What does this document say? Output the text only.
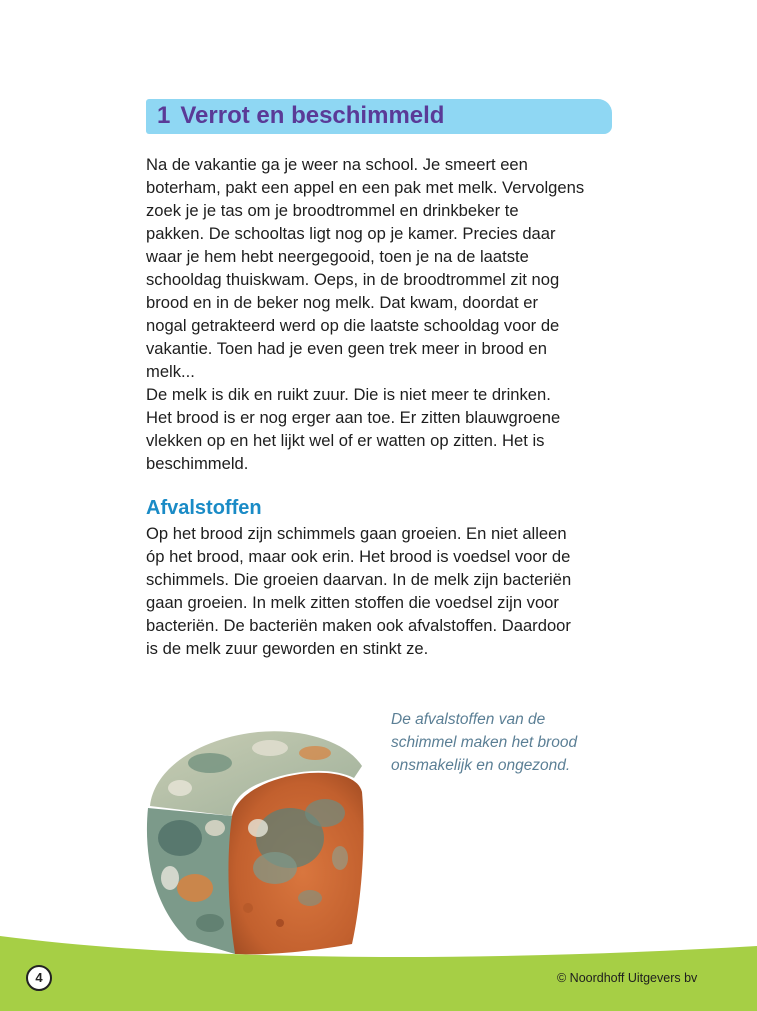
1 Verrot en beschimmeld

Na de vakantie ga je weer na school. Je smeert een
boterham, pakt een appel en een pak met melk. Vervolgens
zoek je je tas om je broodtrommel en drinkbeker te
pakken. De schooltas ligt nog op je kamer. Precies daar
waar je hem hebt neergegooid, toen je na de laatste
schooldag thuiskwam. Oeps, in de broodtrommel zit nog
brood en in de beker nog melk. Dat kwam, doordat er
nogal getrakteerd werd op die laatste schooldag voor de
vakantie. Toen had je even geen trek meer in brood en
melk...
De melk is dik en ruikt zuur. Die is niet meer te drinken.
Het brood is er nog erger aan toe. Er zitten blauwgroene
vlekken op en het lijkt wel of er watten op zitten. Het is
beschimmeld.

Afvalstoffen

Op het brood zijn schimmels gaan groeien. En niet alleen
óp het brood, maar ook erin. Het brood is voedsel voor de
schimmels. Die groeien daarvan. In de melk zijn bacteriën
gaan groeien. In melk zitten stoffen die voedsel zijn voor
bacteriën. De bacteriën maken ook afvalstoffen. Daardoor
is de melk zuur geworden en stinkt ze.

De afvalstoffen van de
schimmel maken het brood
onsmakelijk en ongezond.

4	© Noordhoff Uitgevers bv
